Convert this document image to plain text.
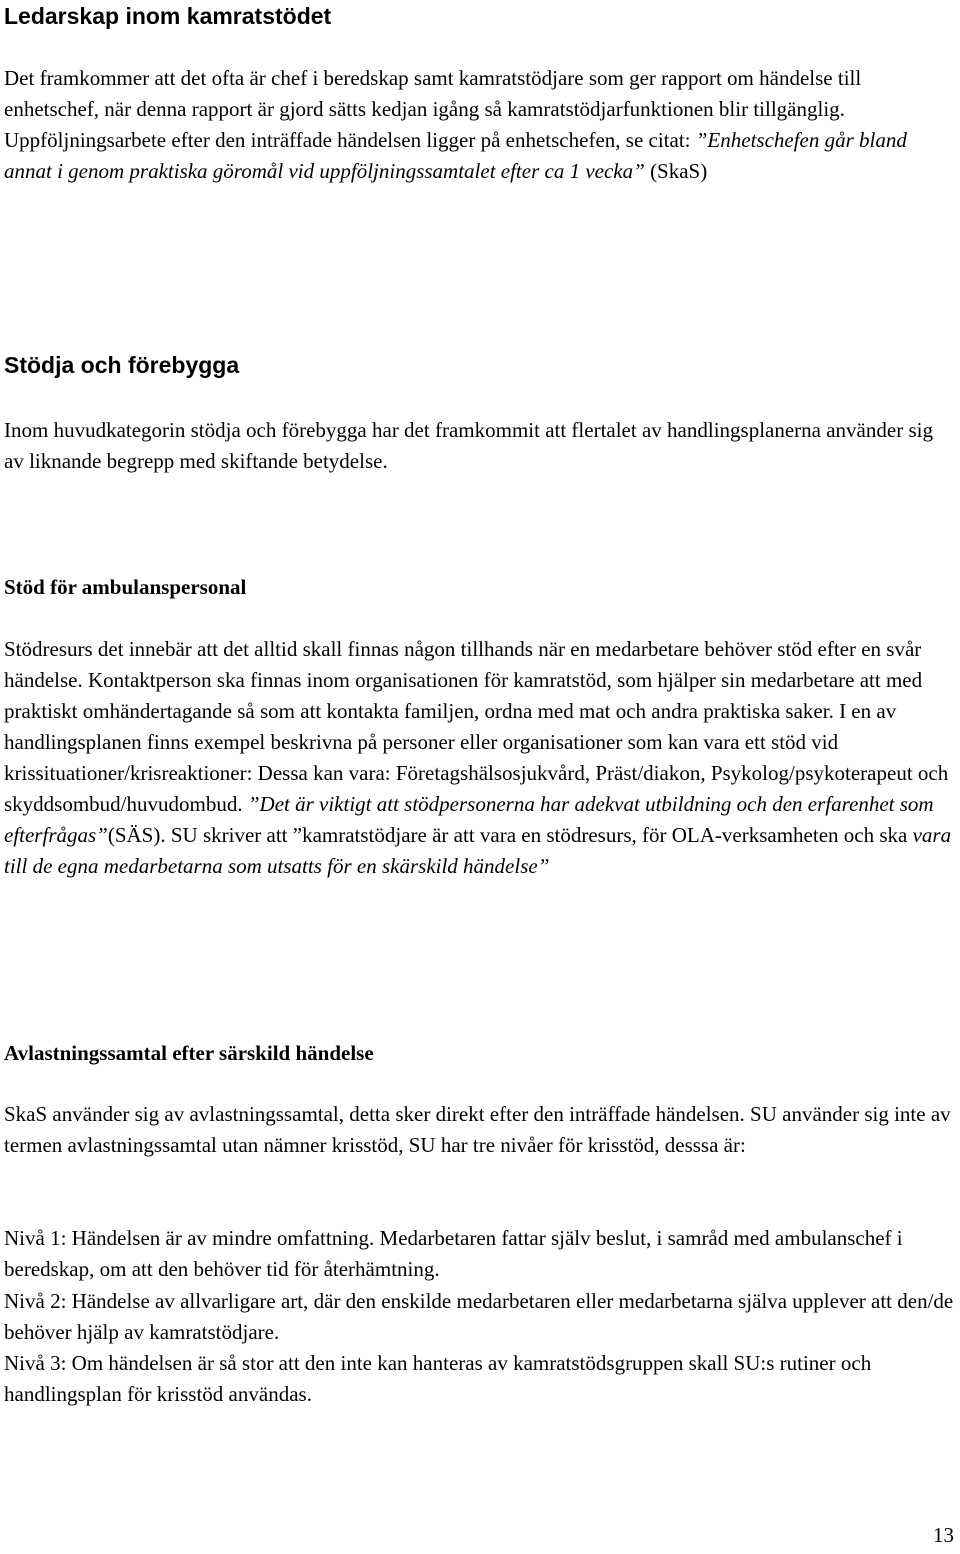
Ledarskap inom kamratstödet

Det framkommer att det ofta är chef i beredskap samt kamratstödjare som ger rapport om händelse till enhetschef, när denna rapport är gjord sätts kedjan igång så kamratstödjarfunktionen blir tillgänglig. Uppföljningsarbete efter den inträffade händelsen ligger på enhetschefen, se citat: ”Enhetschefen går bland annat i genom praktiska göromål vid uppföljningssamtalet efter ca 1 vecka” (SkaS)

Stödja och förebygga

Inom huvudkategorin stödja och förebygga har det framkommit att flertalet av handlingsplanerna använder sig av liknande begrepp med skiftande betydelse.

Stöd för ambulanspersonal

Stödresurs det innebär att det alltid skall finnas någon tillhands när en medarbetare behöver stöd efter en svår händelse. Kontaktperson ska finnas inom organisationen för kamratstöd, som hjälper sin medarbetare att med praktiskt omhändertagande så som att kontakta familjen, ordna med mat och andra praktiska saker. I en av handlingsplanen finns exempel beskrivna på personer eller organisationer som kan vara ett stöd vid krissituationer/krisreaktioner: Dessa kan vara: Företagshälsosjukvård, Präst/diakon, Psykolog/psykoterapeut och skyddsombud/huvudombud. ”Det är viktigt att stödpersonerna har adekvat utbildning och den erfarenhet som efterfrågas”(SÄS). SU skriver att ”kamratstödjare är att vara en stödresurs, för OLA-verksamheten och ska vara till de egna medarbetarna som utsatts för en skärskild händelse”

Avlastningssamtal efter särskild händelse

SkaS använder sig av avlastningssamtal, detta sker direkt efter den inträffade händelsen. SU använder sig inte av termen avlastningssamtal utan nämner krisstöd, SU har tre nivåer för krisstöd, desssa är:

Nivå 1: Händelsen är av mindre omfattning. Medarbetaren fattar själv beslut, i samråd med ambulanschef i beredskap, om att den behöver tid för återhämtning.

Nivå 2: Händelse av allvarligare art, där den enskilde medarbetaren eller medarbetarna själva upplever att den/de behöver hjälp av kamratstödjare.

Nivå 3: Om händelsen är så stor att den inte kan hanteras av kamratstödsgruppen skall SU:s rutiner och handlingsplan för krisstöd användas.

13
